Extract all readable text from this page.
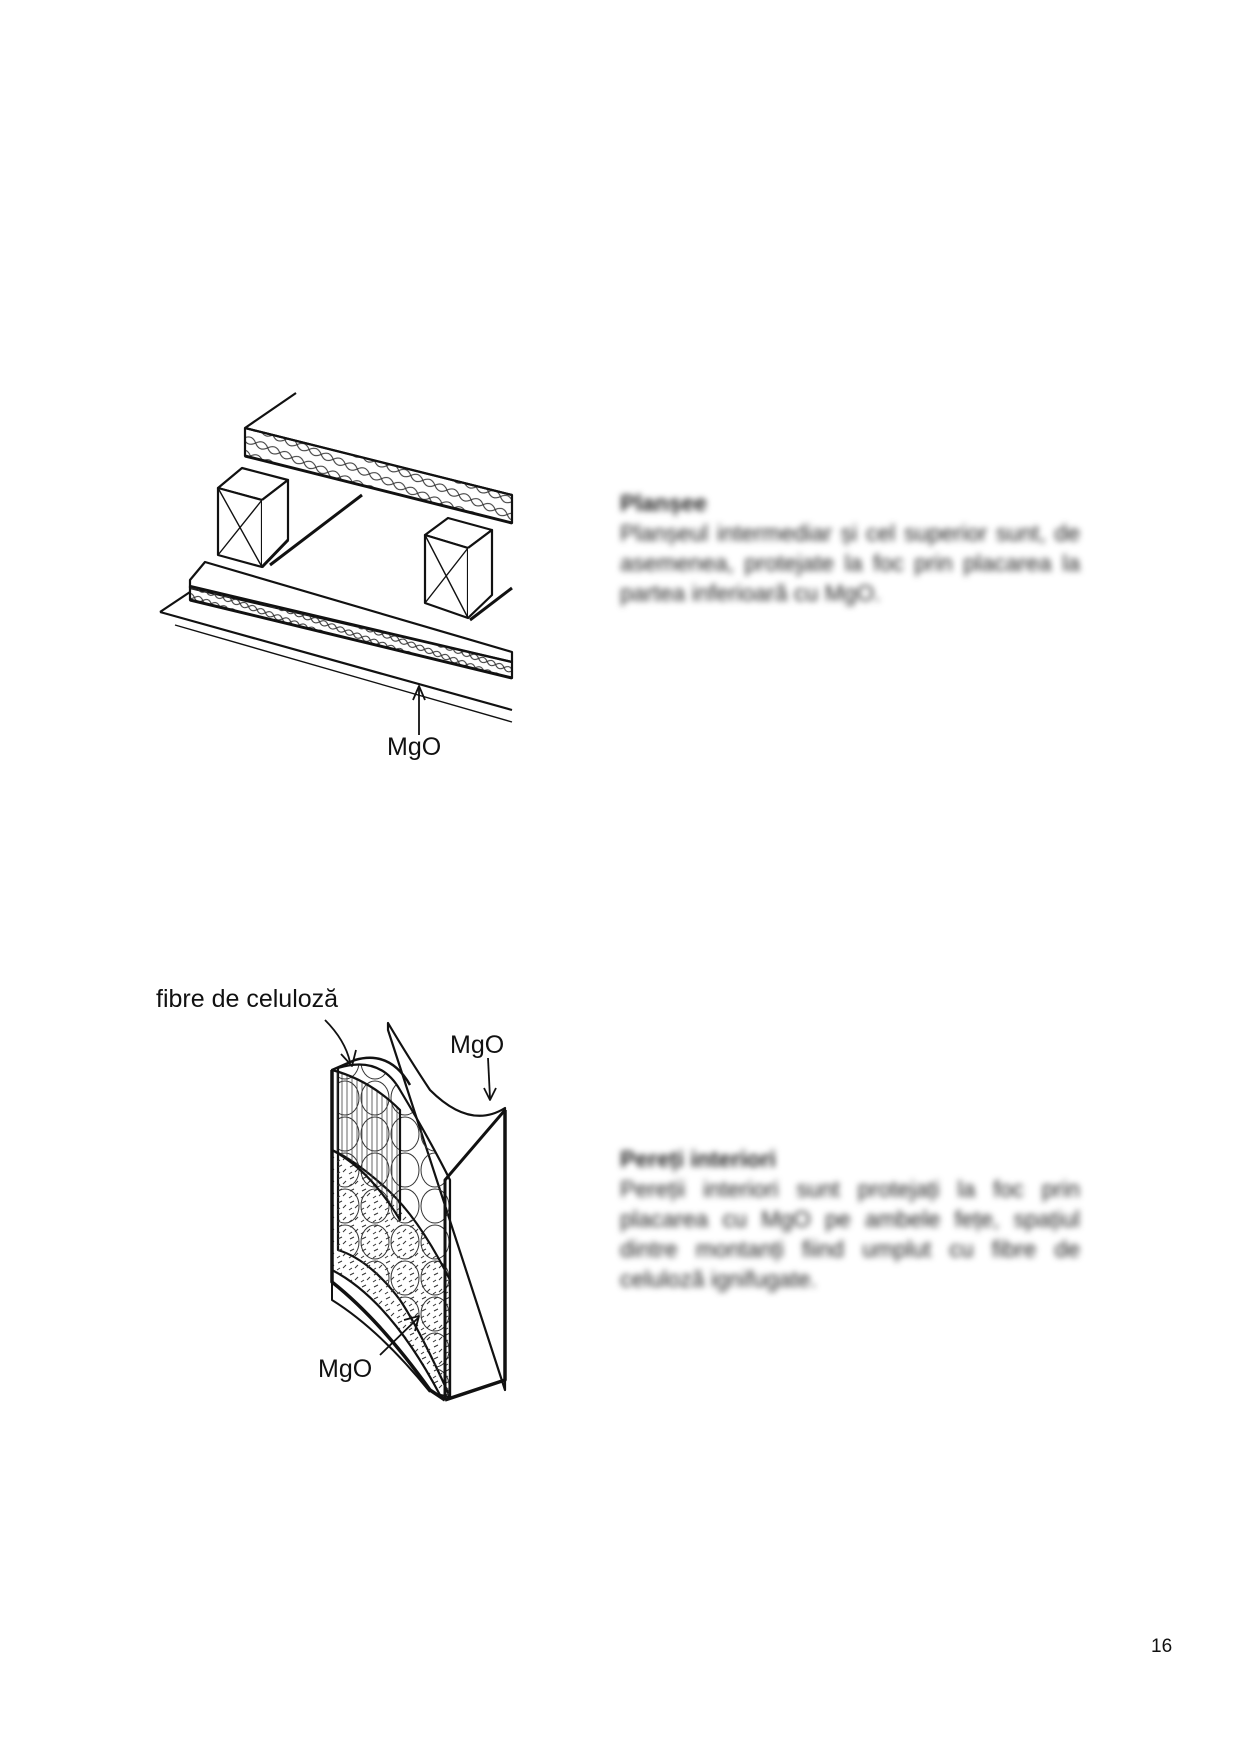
MgO
Planșee
Planșeul intermediar și cel superior sunt, de asemenea, protejate la foc prin placarea la partea inferioară cu MgO.
fibre de celuloză
MgO
MgO
Pereți interiori
Pereții interiori sunt protejați la foc prin placarea cu MgO pe ambele fețe, spațiul dintre montanți fiind umplut cu fibre de celuloză ignifugate.
16
